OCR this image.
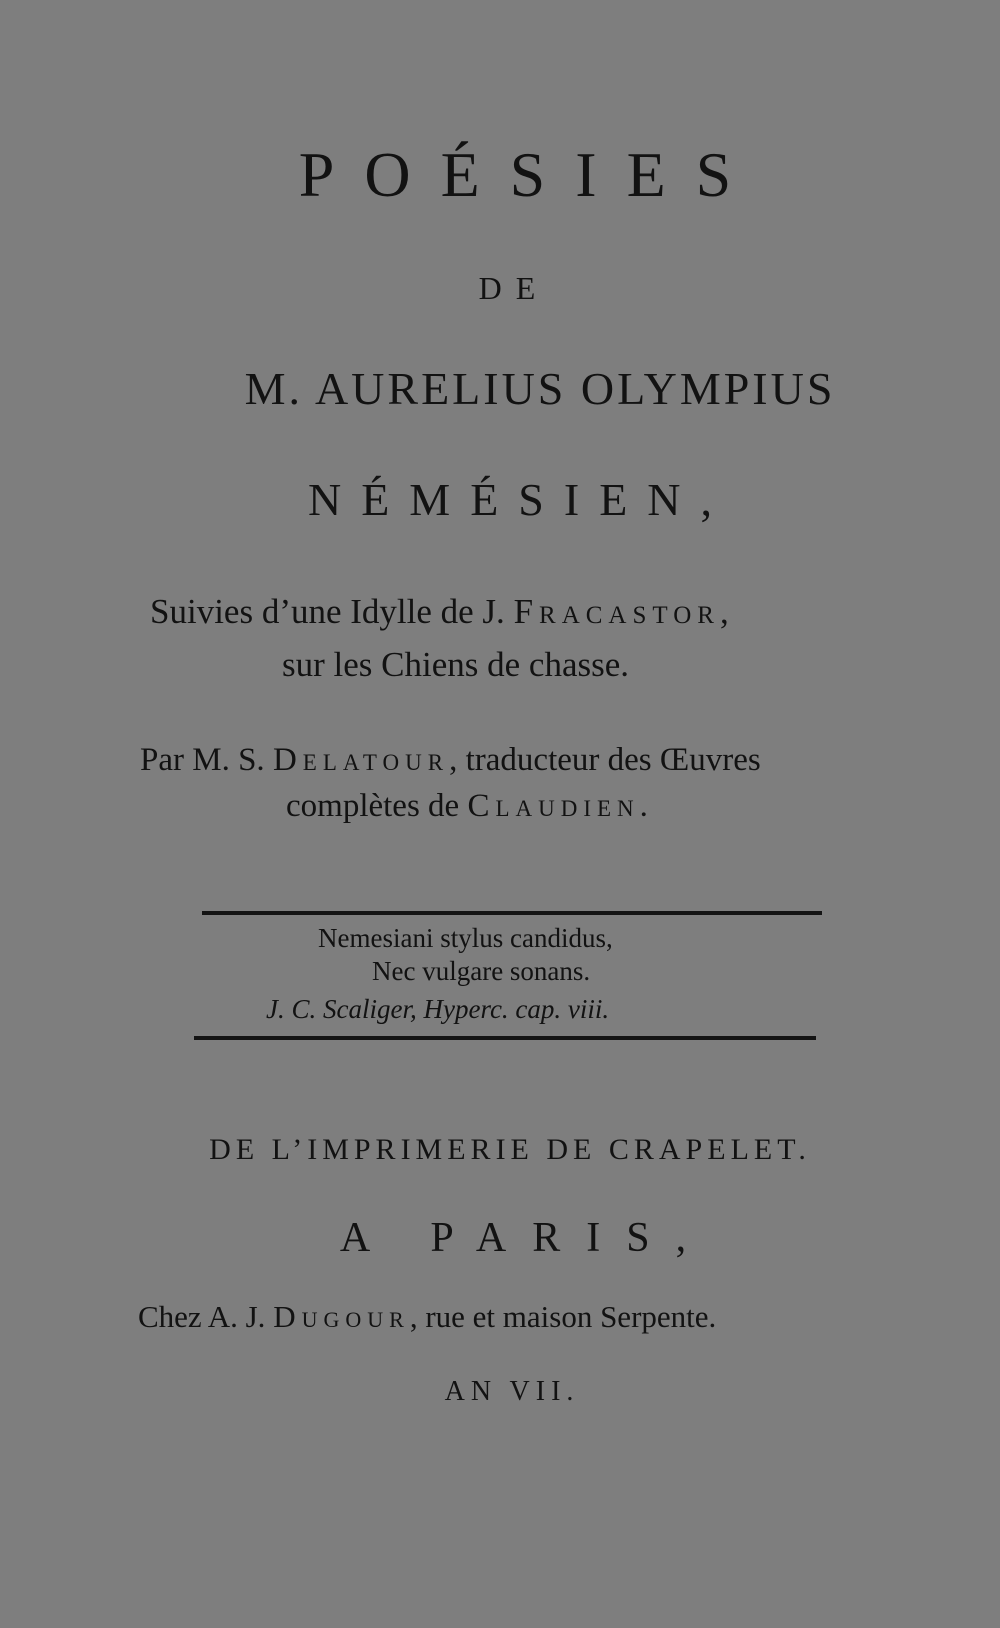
POÉSIES
DE
M. AURELIUS OLYMPIUS
NÉMÉSIEN,
Suivies d’une Idylle de J. Fracastor,
sur les Chiens de chasse.
Par M. S. Delatour, traducteur des Œuvres
complètes de Claudien.
Nemesiani stylus candidus,
Nec vulgare sonans.
J. C. Scaliger, Hyperc. cap. viii.
DE L’IMPRIMERIE DE CRAPELET.
A PARIS,
Chez A. J. Dugour, rue et maison Serpente.
AN VII.
